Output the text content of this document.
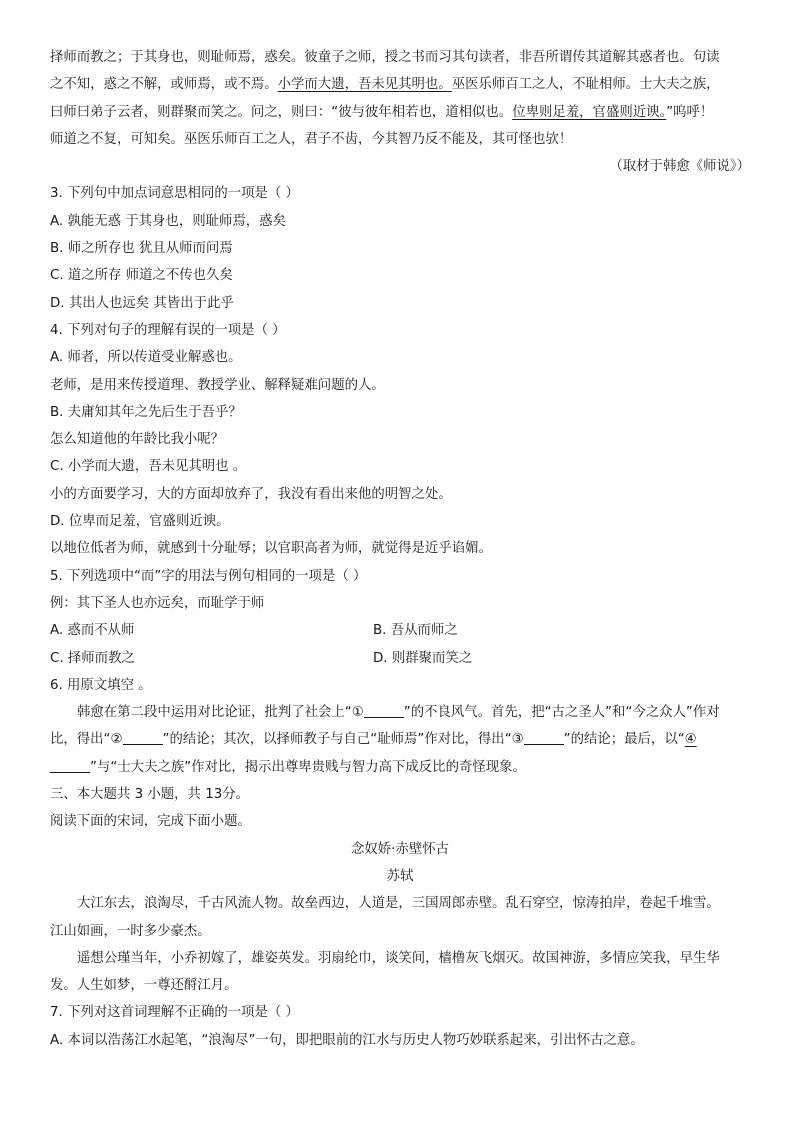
择师而教之；于其身也，则耻师焉，惑矣。彼童子之师，授之书而习其句读者，非吾所谓传其道解其惑者也。句读
之不知，惑之不解，或师焉，或不焉。小学而大遗，吾未见其明也。巫医乐师百工之人，不耻相师。士大夫之族，
曰师曰弟子云者，则群聚而笑之。问之，则曰：“彼与彼年相若也，道相似也。位卑则足羞，官盛则近谀。”呜呼！
师道之不复，可知矣。巫医乐师百工之人，君子不齿，今其智乃反不能及，其可怪也欤！
（取材于韩愈《师说》）
3. 下列句中加点词意思相同的一项是（ ）
A. 孰能无惑 于其身也，则耻师焉，惑矣
B. 师之所存也 犹且从师而问焉
C. 道之所存 师道之不传也久矣
D. 其出人也远矣 其皆出于此乎
4. 下列对句子的理解有误的一项是（ ）
A. 师者，所以传道受业解惑也。
老师，是用来传授道理、教授学业、解释疑难问题的人。
B. 夫庸知其年之先后生于吾乎？
怎么知道他的年龄比我小呢？
C. 小学而大遗，吾未见其明也 。
小的方面要学习，大的方面却放弃了，我没有看出来他的明智之处。
D. 位卑而足羞，官盛则近谀。
以地位低者为师，就感到十分耻辱；以官职高者为师，就觉得是近乎谄媚。
5. 下列选项中“而”字的用法与例句相同的一项是（ ）
例：其下圣人也亦远矣，而耻学于师
A. 惑而不从师	B. 吾从而师之
C. 择师而教之	D. 则群聚而笑之
6. 用原文填空 。
韩愈在第二段中运用对比论证，批判了社会上“①	”的不良风气。首先，把“古之圣人”和“今之众人”作对
比，得出“②	”的结论；其次，以择师教子与自己“耻师焉”作对比，得出“③	”的结论；最后，以“④
”与“士大夫之族”作对比，揭示出尊卑贵贱与智力高下成反比的奇怪现象。
三、本大题共 3 小题，共 13分。
阅读下面的宋词，完成下面小题。
念奴娇·赤壁怀古
苏轼
大江东去，浪淘尽，千古风流人物。故垒西边，人道是，三国周郎赤壁。乱石穿空，惊涛拍岸，卷起千堆雪。
江山如画，一时多少豪杰。
遥想公瑾当年，小乔初嫁了，雄姿英发。羽扇纶巾，谈笑间，樯橹灰飞烟灭。故国神游，多情应笑我，早生华
发。人生如梦，一尊还酹江月。
7. 下列对这首词理解不正确的一项是（ ）
A. 本词以浩荡江水起笔，“浪淘尽”一句，即把眼前的江水与历史人物巧妙联系起来，引出怀古之意。
